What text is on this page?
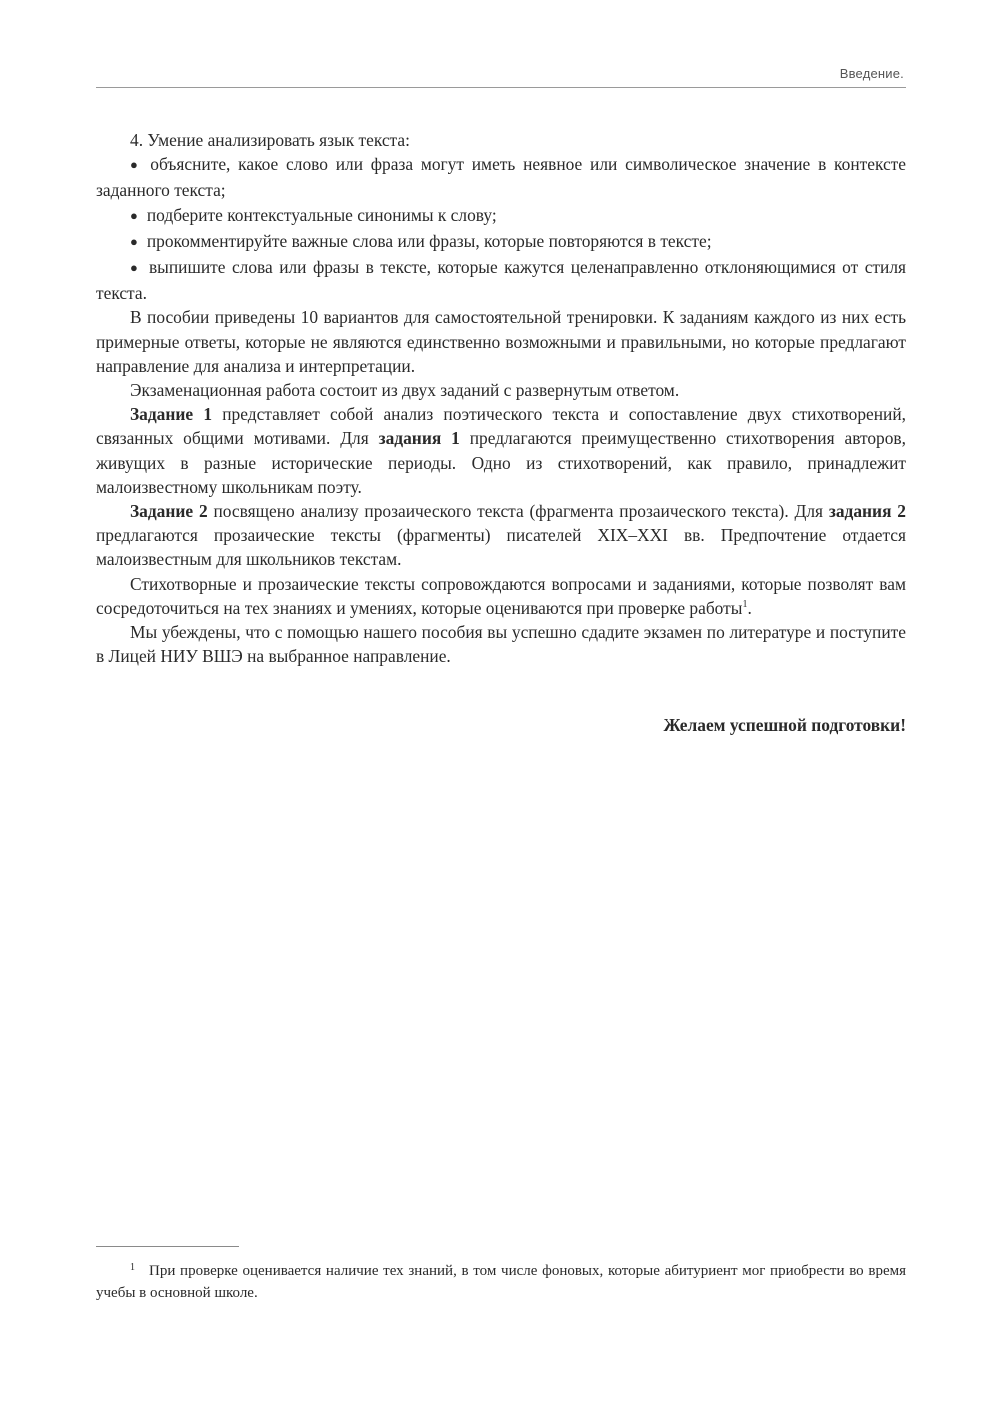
Введение.

4. Умение анализировать язык текста:

● объясните, какое слово или фраза могут иметь неявное или символическое значение в контексте заданного текста;

● подберите контекстуальные синонимы к слову;

● прокомментируйте важные слова или фразы, которые повторяются в тексте;

● выпишите слова или фразы в тексте, которые кажутся целенаправленно отклоняющимися от стиля текста.

В пособии приведены 10 вариантов для самостоятельной тренировки. К заданиям каждого из них есть примерные ответы, которые не являются единственно возможными и правильными, но которые предлагают направление для анализа и интерпретации.

Экзаменационная работа состоит из двух заданий с развернутым ответом.

Задание 1 представляет собой анализ поэтического текста и сопоставление двух стихотворений, связанных общими мотивами. Для задания 1 предлагаются преимущественно стихотворения авторов, живущих в разные исторические периоды. Одно из стихотворений, как правило, принадлежит малоизвестному школьникам поэту.

Задание 2 посвящено анализу прозаического текста (фрагмента прозаического текста). Для задания 2 предлагаются прозаические тексты (фрагменты) писателей XIX–XXI вв. Предпочтение отдается малоизвестным для школьников текстам.

Стихотворные и прозаические тексты сопровождаются вопросами и заданиями, которые позволят вам сосредоточиться на тех знаниях и умениях, которые оцениваются при проверке работы$^1$.

Мы убеждены, что с помощью нашего пособия вы успешно сдадите экзамен по литературе и поступите в Лицей НИУ ВШЭ на выбранное направление.

Желаем успешной подготовки!

$^1$ При проверке оценивается наличие тех знаний, в том числе фоновых, которые абитуриент мог приобрести во время учебы в основной школе.
